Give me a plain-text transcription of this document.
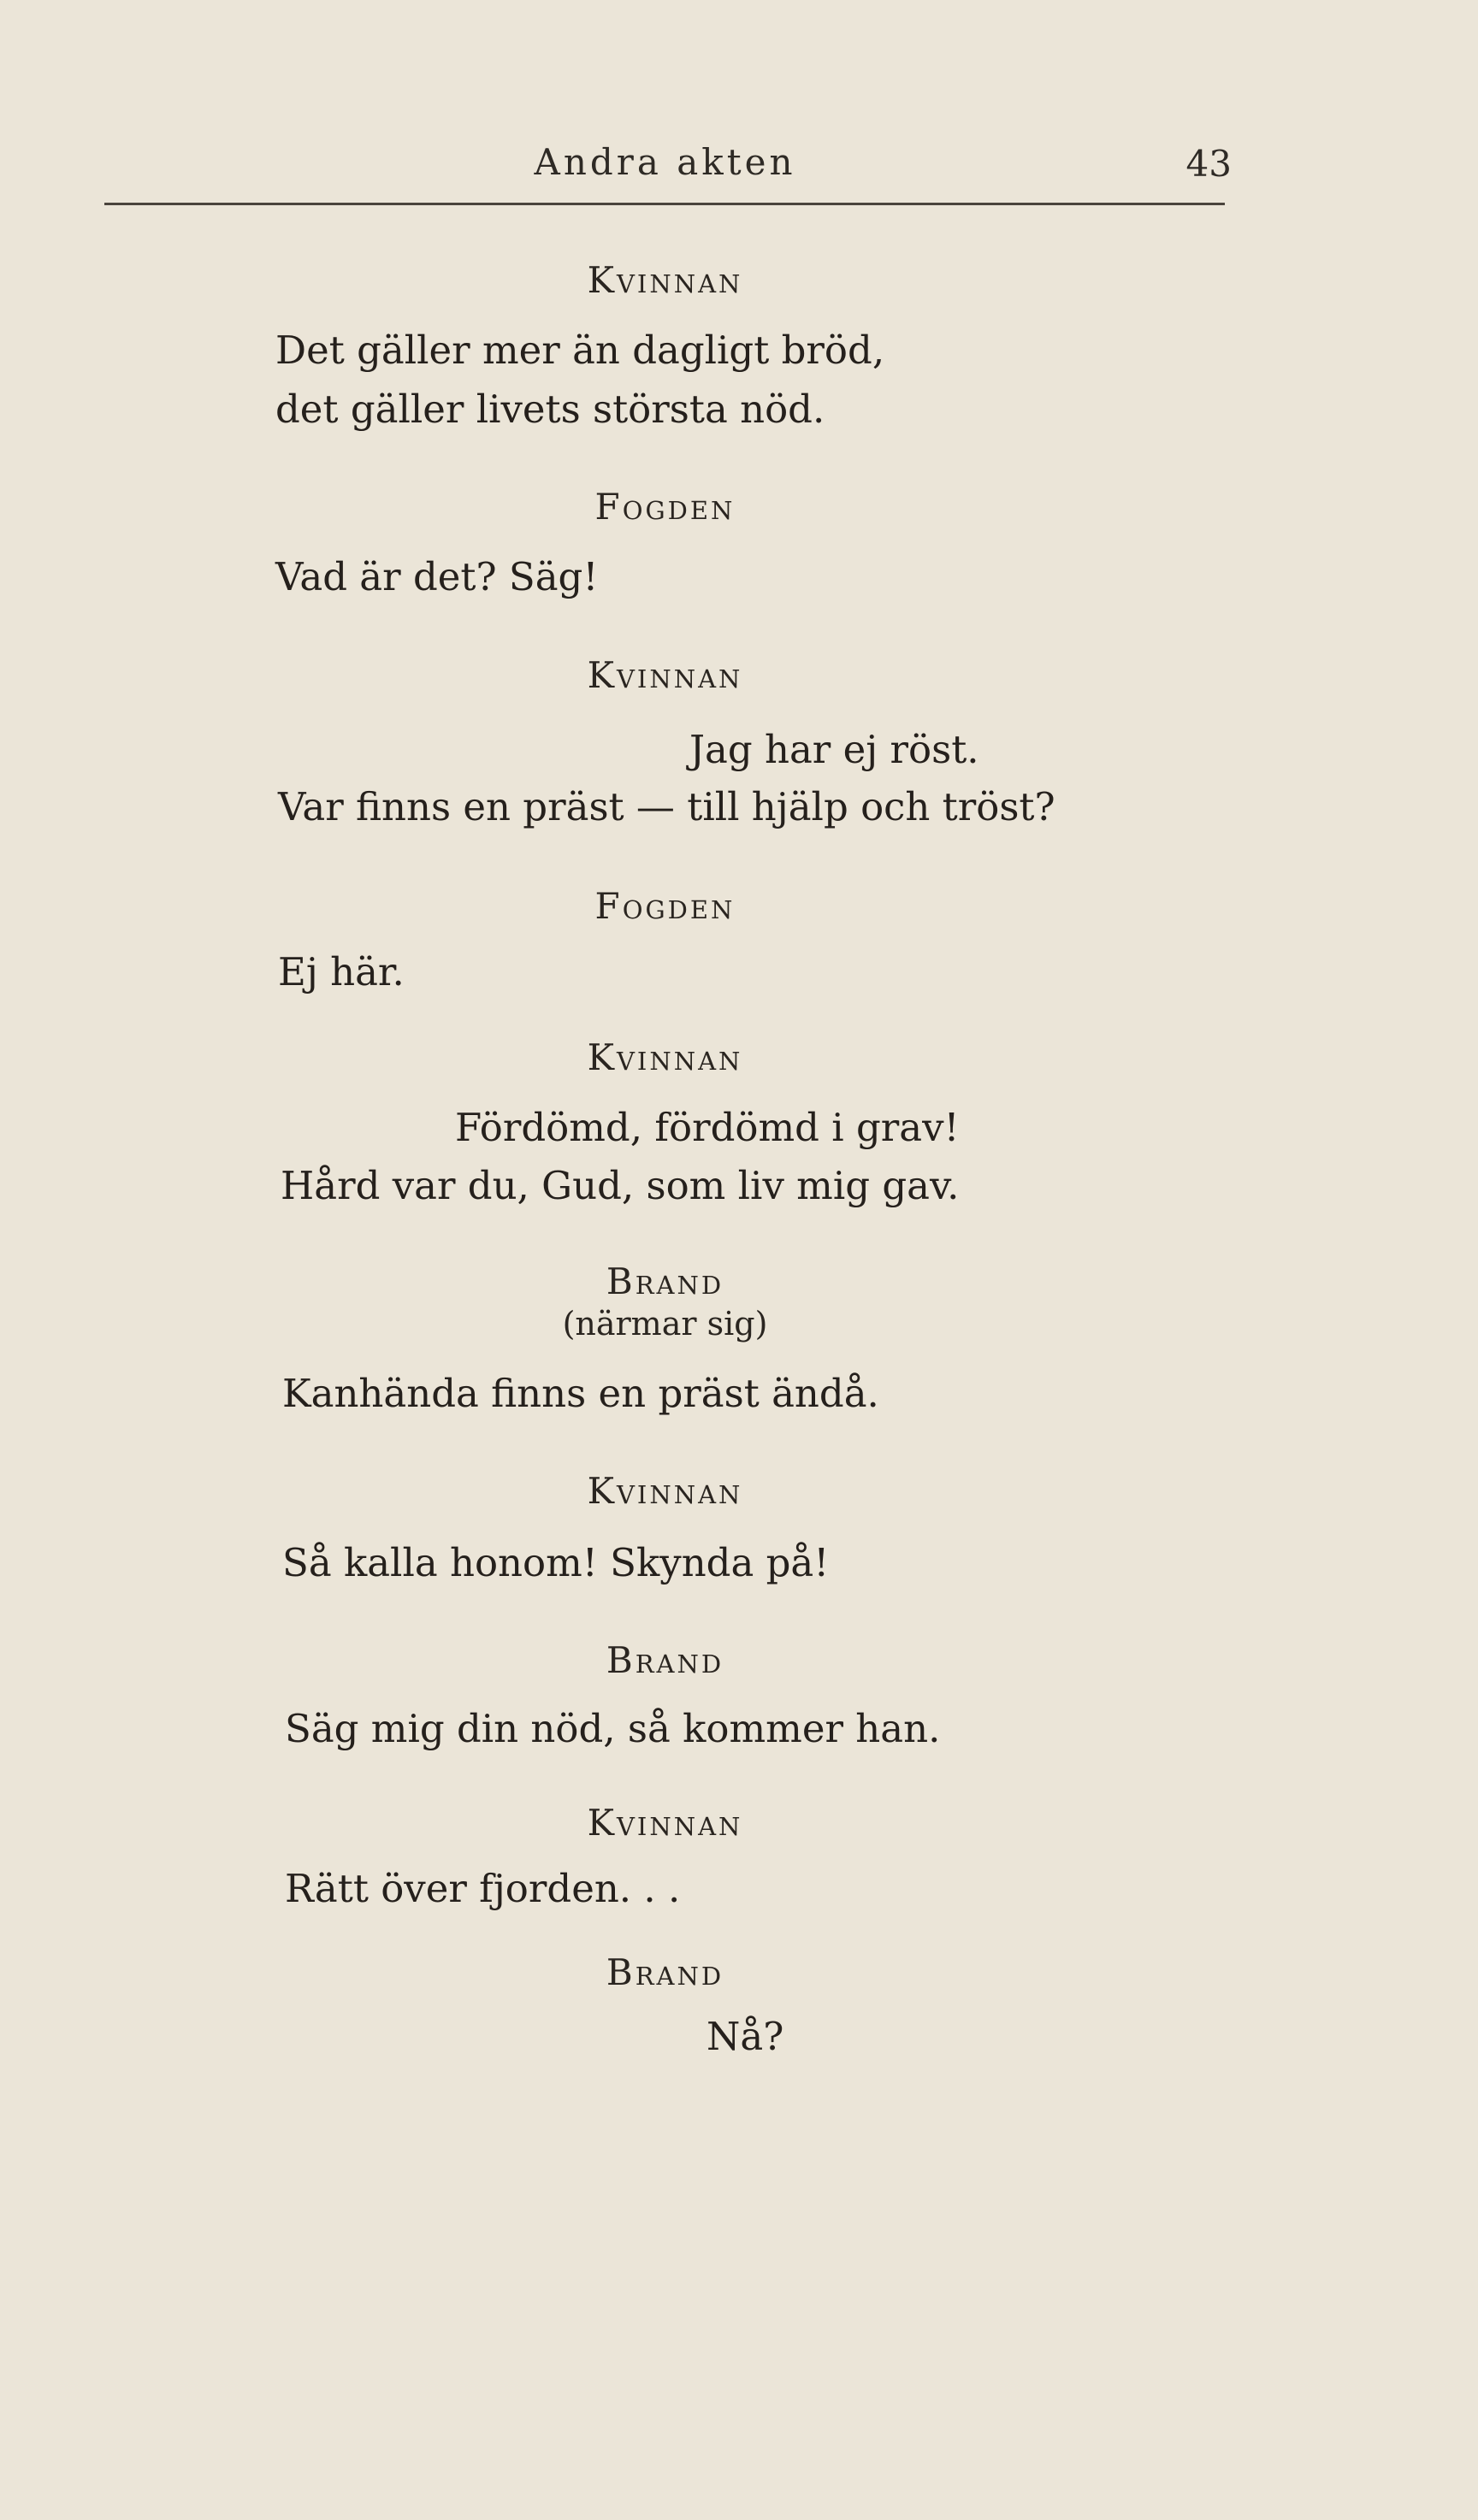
Andra akten	43
Kvinnan
Det gäller mer än dagligt bröd,
det gäller livets största nöd.
Fogden
Vad är det? Säg!
Kvinnan
Jag har ej röst.
Var finns en präst — till hjälp och tröst?
Fogden
Ej här.
Kvinnan
Fördömd, fördömd i grav!
Hård var du, Gud, som liv mig gav.
Brand
(närmar sig)
Kanhända finns en präst ändå.
Kvinnan
Så kalla honom! Skynda på!
Brand
Säg mig din nöd, så kommer han.
Kvinnan
Rätt över fjorden. . .
Brand
Nå?
